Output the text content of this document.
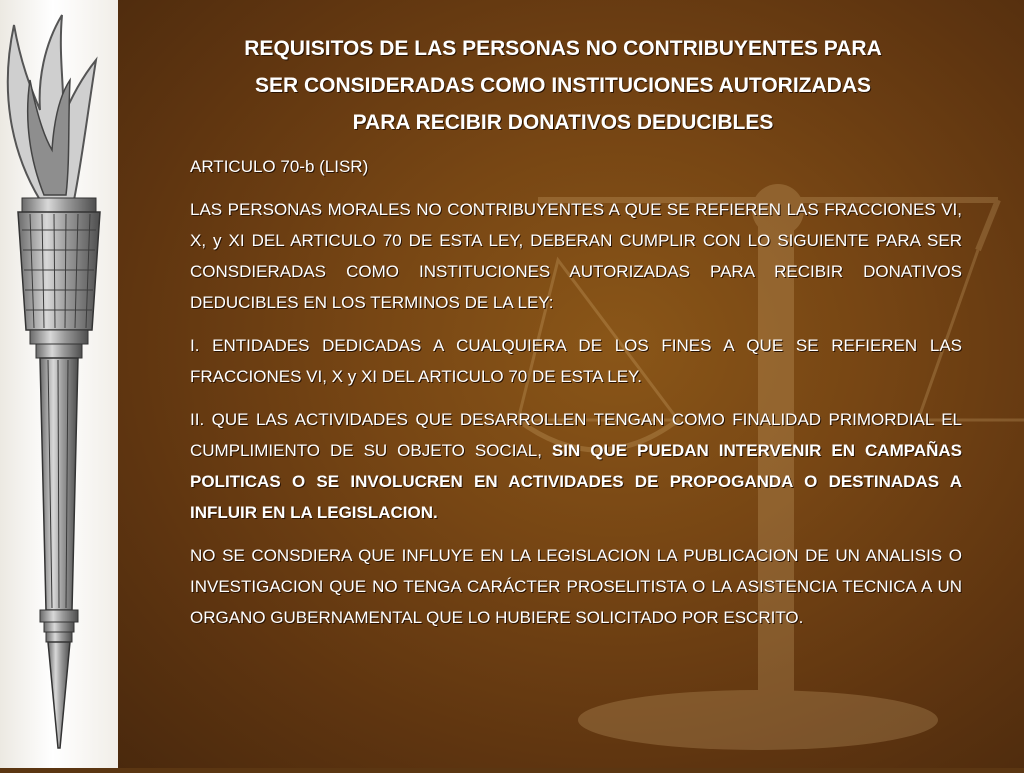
REQUISITOS DE LAS PERSONAS NO CONTRIBUYENTES PARA
SER CONSIDERADAS COMO INSTITUCIONES AUTORIZADAS
PARA RECIBIR DONATIVOS DEDUCIBLES

ARTICULO 70-b (LISR)

LAS PERSONAS MORALES NO CONTRIBUYENTES A QUE SE REFIEREN LAS FRACCIONES VI, X, y XI DEL ARTICULO 70 DE ESTA LEY, DEBERAN CUMPLIR CON LO SIGUIENTE PARA SER CONSDIERADAS COMO INSTITUCIONES AUTORIZADAS PARA RECIBIR DONATIVOS DEDUCIBLES EN LOS TERMINOS DE LA LEY:

I. ENTIDADES DEDICADAS A CUALQUIERA DE LOS FINES A QUE SE REFIEREN LAS FRACCIONES VI, X y XI DEL ARTICULO 70 DE ESTA LEY.

II. QUE LAS ACTIVIDADES QUE DESARROLLEN TENGAN COMO FINALIDAD PRIMORDIAL EL CUMPLIMIENTO DE SU OBJETO SOCIAL, SIN QUE PUEDAN INTERVENIR EN CAMPAÑAS POLITICAS O SE INVOLUCREN EN ACTIVIDADES DE PROPOGANDA O DESTINADAS A INFLUIR EN LA LEGISLACION.

NO SE CONSDIERA QUE INFLUYE EN LA LEGISLACION LA PUBLICACION DE UN ANALISIS O INVESTIGACION QUE NO TENGA CARÁCTER PROSELITISTA O LA ASISTENCIA TECNICA A UN ORGANO GUBERNAMENTAL QUE LO HUBIERE SOLICITADO POR ESCRITO.
